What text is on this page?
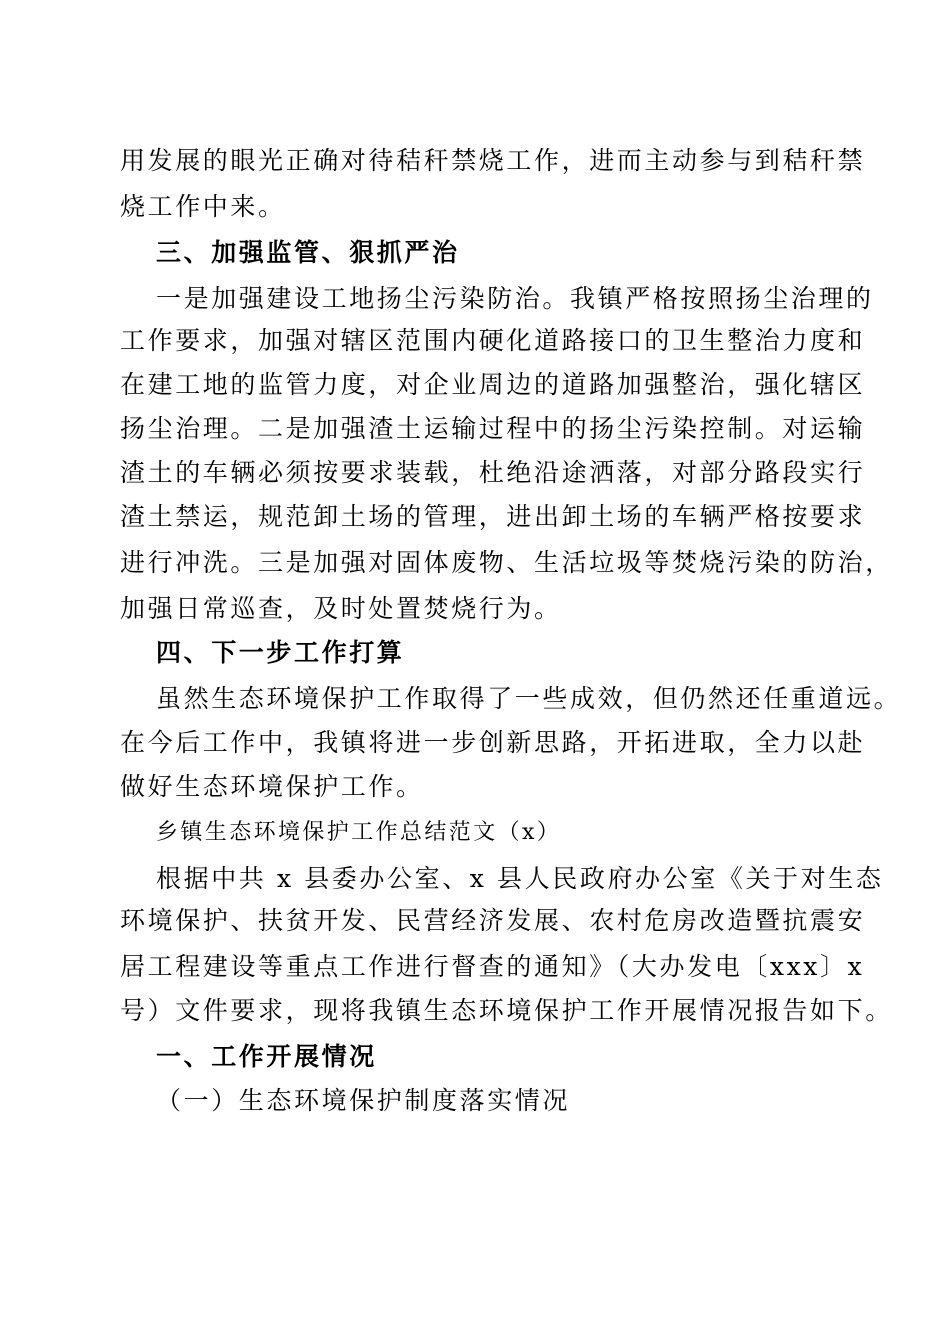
用发展的眼光正确对待秸秆禁烧工作，进而主动参与到秸秆禁
烧工作中来。
三、加强监管、狠抓严治
一是加强建设工地扬尘污染防治。我镇严格按照扬尘治理的
工作要求，加强对辖区范围内硬化道路接口的卫生整治力度和
在建工地的监管力度，对企业周边的道路加强整治，强化辖区
扬尘治理。二是加强渣土运输过程中的扬尘污染控制。对运输
渣土的车辆必须按要求装载，杜绝沿途洒落，对部分路段实行
渣土禁运，规范卸土场的管理，进出卸土场的车辆严格按要求
进行冲洗。三是加强对固体废物、生活垃圾等焚烧污染的防治，
加强日常巡查，及时处置焚烧行为。
四、下一步工作打算
虽然生态环境保护工作取得了一些成效，但仍然还任重道远。
在今后工作中，我镇将进一步创新思路，开拓进取，全力以赴
做好生态环境保护工作。
乡镇生态环境保护工作总结范文（x）
根据中共 x 县委办公室、x 县人民政府办公室《关于对生态
环境保护、扶贫开发、民营经济发展、农村危房改造暨抗震安
居工程建设等重点工作进行督查的通知》（大办发电〔xxx〕x
号）文件要求，现将我镇生态环境保护工作开展情况报告如下。
一、工作开展情况
（一）生态环境保护制度落实情况
